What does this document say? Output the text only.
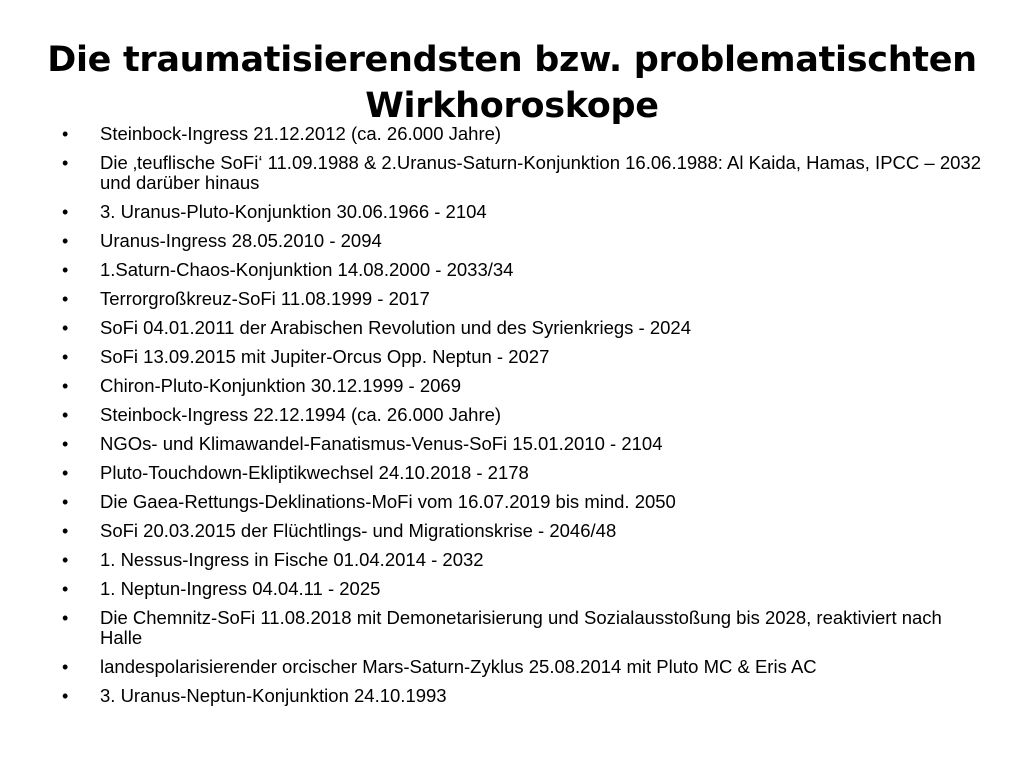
Die traumatisierendsten bzw. problematischten
Wirkhoroskope
•	Steinbock-Ingress 21.12.2012 (ca. 26.000 Jahre)
•	Die ‚teuflische SoFi‘ 11.09.1988 & 2.Uranus-Saturn-Konjunktion 16.06.1988: Al Kaida, Hamas, IPCC – 2032 und darüber hinaus
•	3. Uranus-Pluto-Konjunktion 30.06.1966 - 2104
•	Uranus-Ingress 28.05.2010 - 2094
•	1.Saturn-Chaos-Konjunktion 14.08.2000 - 2033/34
•	Terrorgroßkreuz-SoFi 11.08.1999 - 2017
•	SoFi 04.01.2011 der Arabischen Revolution und des Syrienkriegs - 2024
•	SoFi 13.09.2015 mit Jupiter-Orcus Opp. Neptun - 2027
•	Chiron-Pluto-Konjunktion 30.12.1999 - 2069
•	Steinbock-Ingress 22.12.1994 (ca. 26.000 Jahre)
•	NGOs- und Klimawandel-Fanatismus-Venus-SoFi 15.01.2010 - 2104
•	Pluto-Touchdown-Ekliptikwechsel 24.10.2018 - 2178
•	Die Gaea-Rettungs-Deklinations-MoFi vom 16.07.2019 bis mind. 2050
•	SoFi 20.03.2015 der Flüchtlings- und Migrationskrise - 2046/48
•	1. Nessus-Ingress in Fische 01.04.2014 - 2032
•	1. Neptun-Ingress 04.04.11 - 2025
•	Die Chemnitz-SoFi 11.08.2018 mit Demonetarisierung und Sozialausstoßung bis 2028, reaktiviert nach Halle
•	landespolarisierender orcischer Mars-Saturn-Zyklus 25.08.2014 mit Pluto MC & Eris AC
•	3. Uranus-Neptun-Konjunktion 24.10.1993
